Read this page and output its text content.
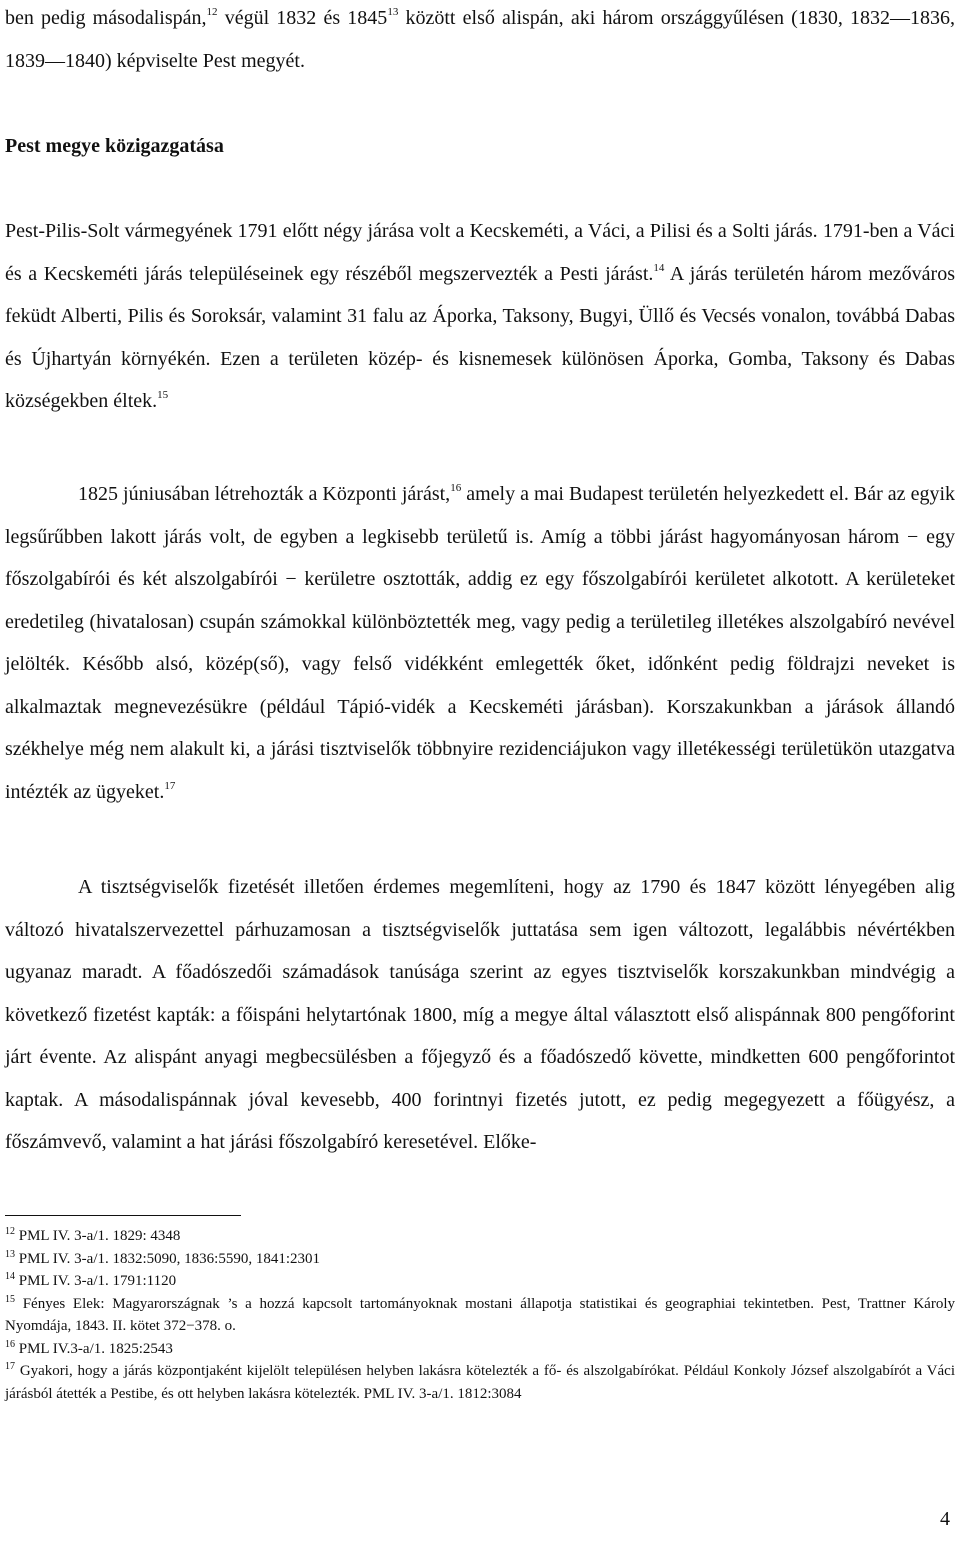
ben pedig másodalispán,$^{12}$ végül 1832 és 1845$^{13}$ között első alispán, aki három országgyűlésen (1830, 1832—1836, 1839—1840) képviselte Pest megyét.

Pest megye közigazgatása

Pest-Pilis-Solt vármegyének 1791 előtt négy járása volt a Kecskeméti, a Váci, a Pilisi és a Solti járás. 1791-ben a Váci és a Kecskeméti járás településeinek egy részéből megszervezték a Pesti járást.$^{14}$ A járás területén három mezőváros feküdt Alberti, Pilis és Soroksár, valamint 31 falu az Áporka, Taksony, Bugyi, Üllő és Vecsés vonalon, továbbá Dabas és Újhartyán környékén. Ezen a területen közép- és kisnemesek különösen Áporka, Gomba, Taksony és Dabas községekben éltek.$^{15}$

1825 júniusában létrehozták a Központi járást,$^{16}$ amely a mai Budapest területén helyezkedett el. Bár az egyik legsűrűbben lakott járás volt, de egyben a legkisebb területű is. Amíg a többi járást hagyományosan három − egy főszolgabírói és két alszolgabírói − kerületre osztották, addig ez egy főszolgabírói kerületet alkotott. A kerületeket eredetileg (hivatalosan) csupán számokkal különböztették meg, vagy pedig a területileg illetékes alszolgabíró nevével jelölték. Később alsó, közép(ső), vagy felső vidékként emlegették őket, időnként pedig földrajzi neveket is alkalmaztak megnevezésükre (például Tápió-vidék a Kecskeméti járásban). Korszakunkban a járások állandó székhelye még nem alakult ki, a járási tisztviselők többnyire rezidenciájukon vagy illetékességi területükön utazgatva intézték az ügyeket.$^{17}$

A tisztségviselők fizetését illetően érdemes megemlíteni, hogy az 1790 és 1847 között lényegében alig változó hivatalszervezettel párhuzamosan a tisztségviselők juttatása sem igen változott, legalábbis névértékben ugyanaz maradt. A főadószedői számadások tanúsága szerint az egyes tisztviselők korszakunkban mindvégig a következő fizetést kapták: a főispáni helytartónak 1800, míg a megye által választott első alispánnak 800 pengőforint járt évente. Az alispánt anyagi megbecsülésben a főjegyző és a főadószedő követte, mindketten 600 pengőforintot kaptak. A másodalispánnak jóval kevesebb, 400 forintnyi fizetés jutott, ez pedig megegyezett a főügyész, a főszámvevő, valamint a hat járási főszolgabíró keresetével. Előke-

$^{12}$ PML IV. 3-a/1. 1829: 4348

$^{13}$ PML IV. 3-a/1. 1832:5090, 1836:5590, 1841:2301

$^{14}$ PML IV. 3-a/1. 1791:1120

$^{15}$ Fényes Elek: Magyarországnak ’s a hozzá kapcsolt tartományoknak mostani állapotja statistikai és geographiai tekintetben. Pest, Trattner Károly Nyomdája, 1843. II. kötet 372−378. o.

$^{16}$ PML IV.3-a/1. 1825:2543

$^{17}$ Gyakori, hogy a járás központjaként kijelölt településen helyben lakásra kötelezték a fő- és alszolgabírókat. Például Konkoly József alszolgabírót a Váci járásból átették a Pestibe, és ott helyben lakásra kötelezték. PML IV. 3-a/1. 1812:3084

4
